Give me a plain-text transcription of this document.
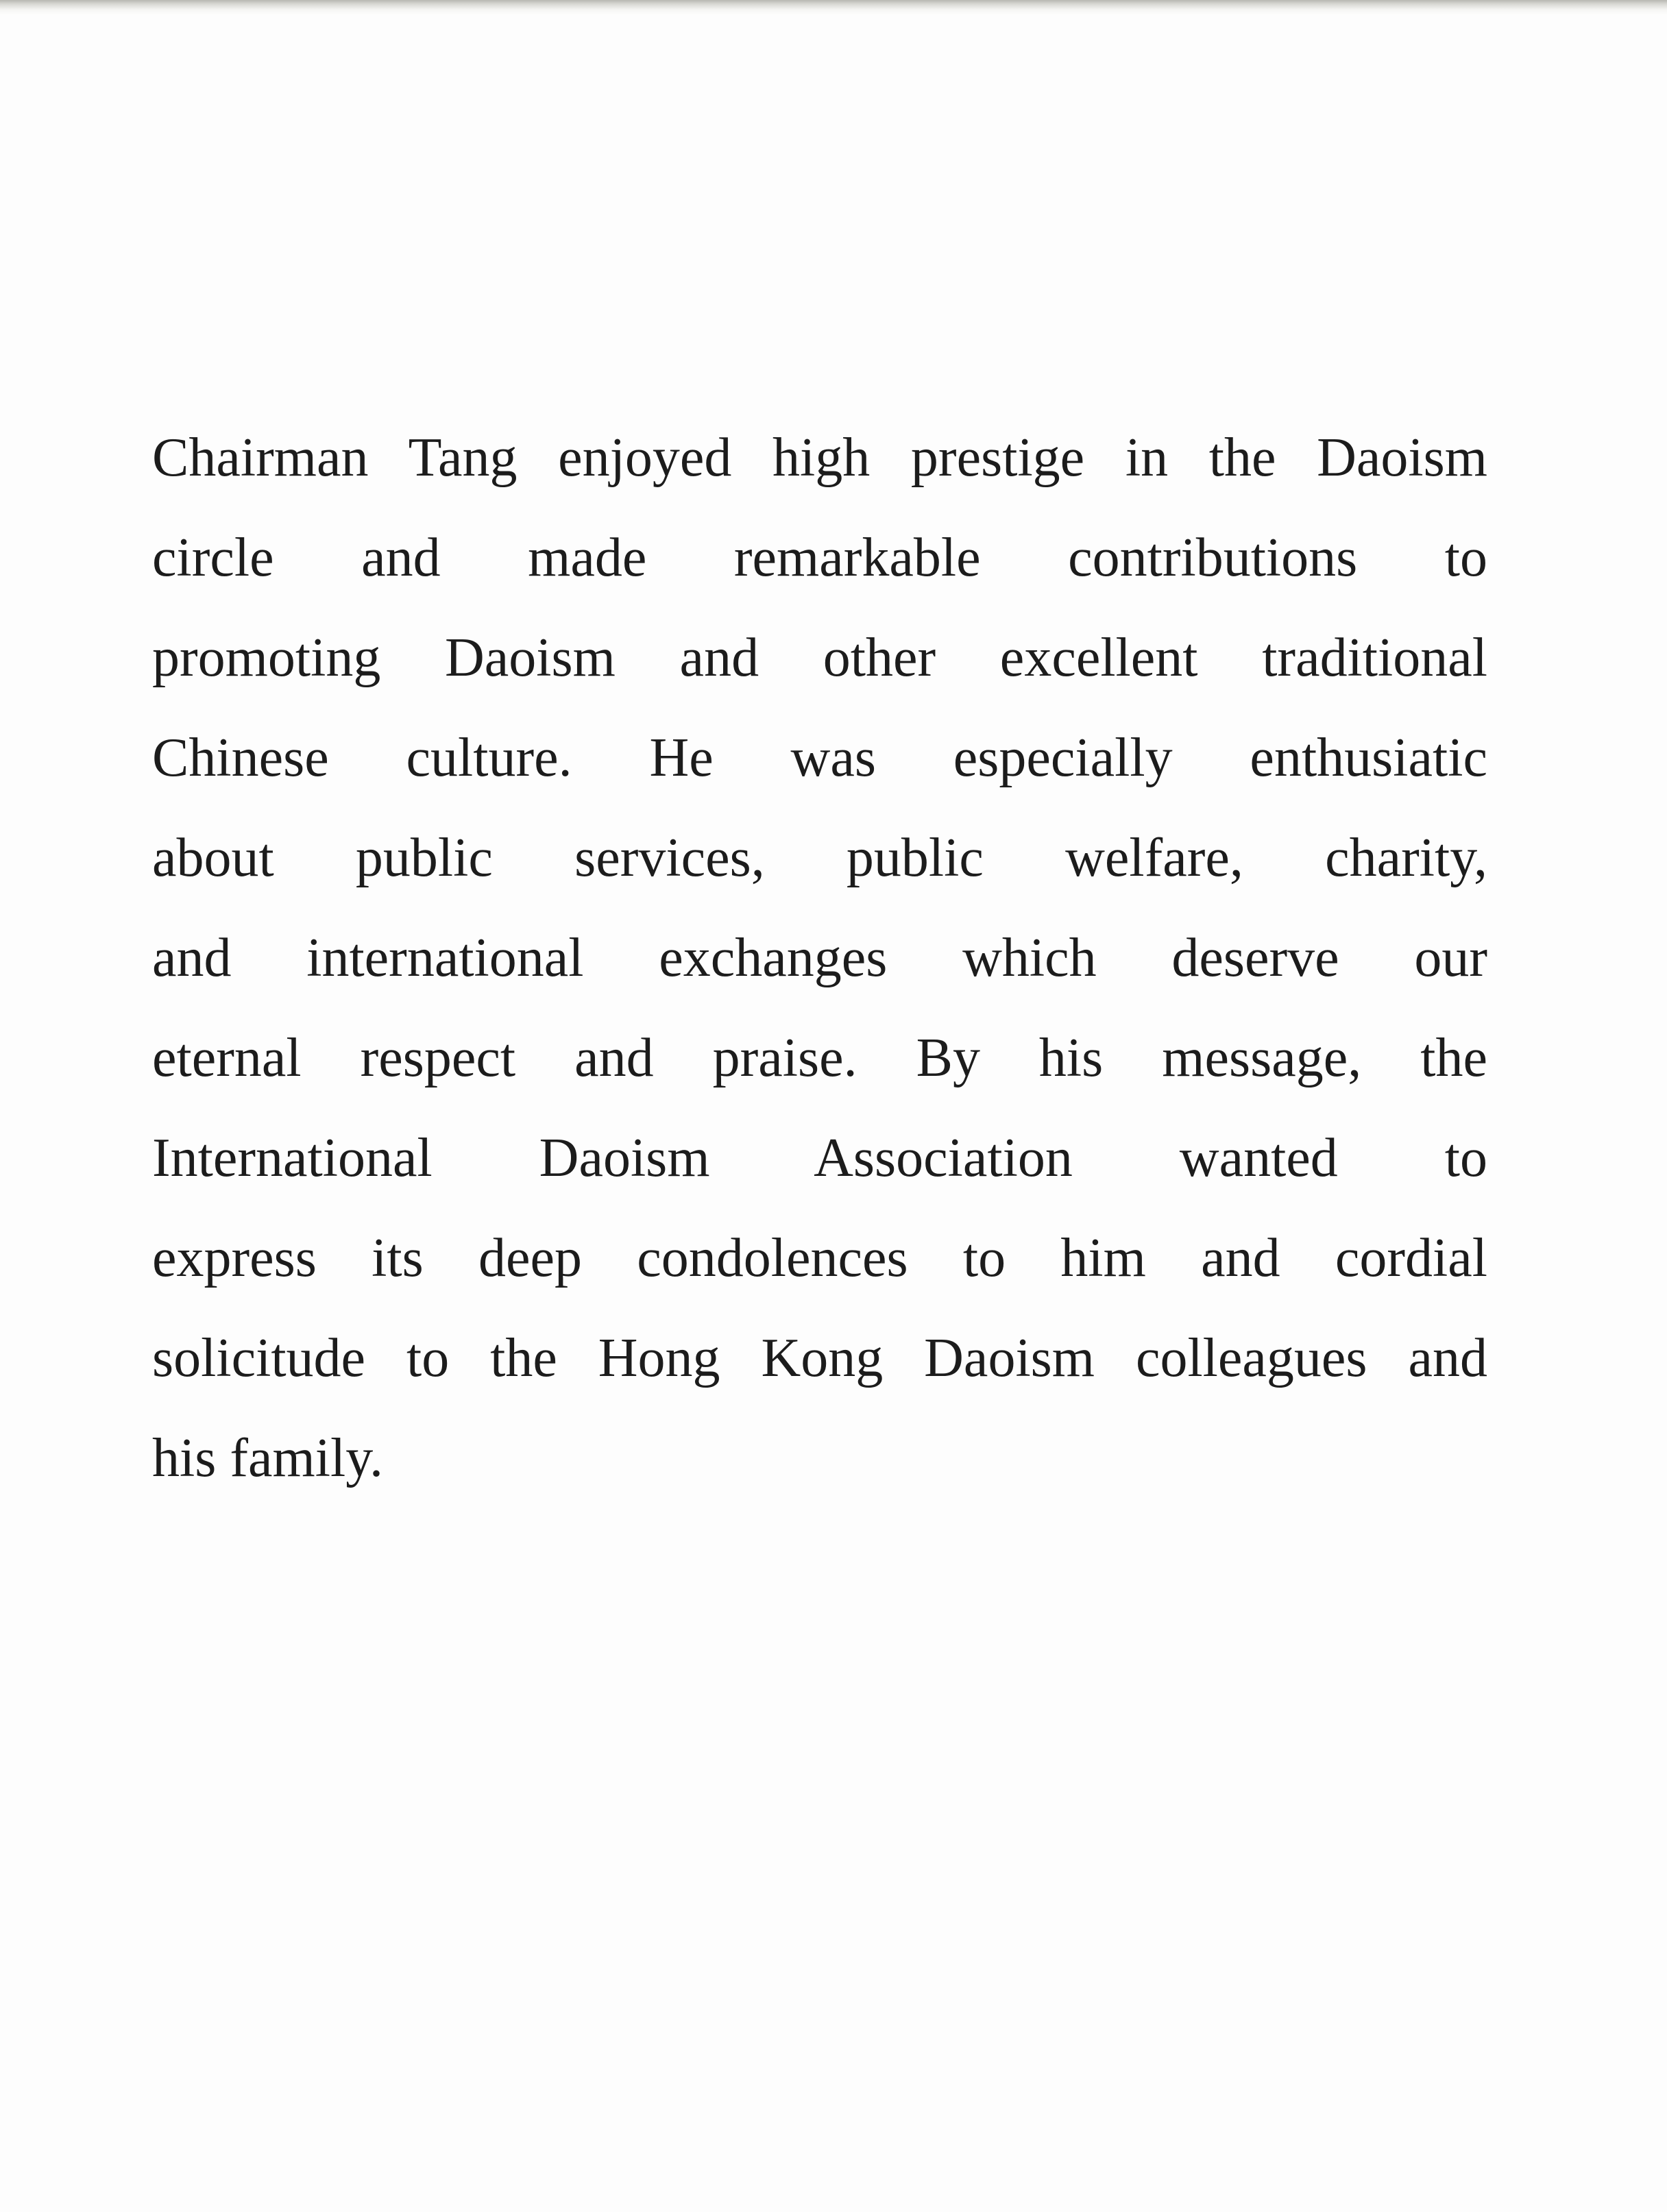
Chairman Tang enjoyed high prestige in the Daoism
circle and made remarkable contributions to
promoting Daoism and other excellent traditional
Chinese culture. He was especially enthusiatic
about public services, public welfare, charity,
and international exchanges which deserve our
eternal respect and praise. By his message, the
International Daoism Association wanted to
express its deep condolences to him and cordial
solicitude to the Hong Kong Daoism colleagues and
his family.
